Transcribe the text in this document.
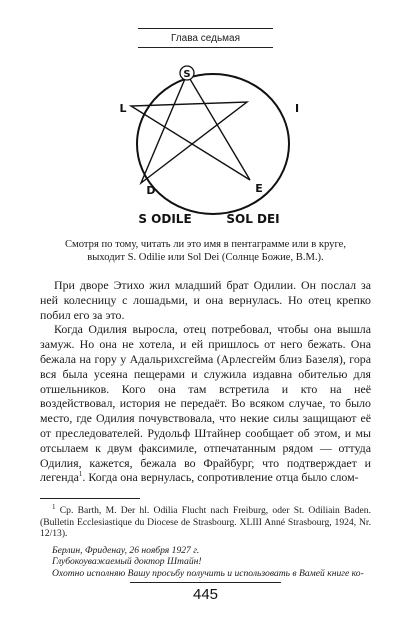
Глава седьмая
S
L	I
D	E
S ODILE	SOL DEI
Смотря по тому, читать ли это имя в пентаграмме или в круге,
выходит S. Odilie или Sol Dei (Солнце Божие, В.М.).

При дворе Этихо жил младший брат Одилии. Он послал за ней колесницу с лошадьми, и она вернулась. Но отец крепко побил его за это.

Когда Одилия выросла, отец потребовал, чтобы она вышла замуж. Но она не хотела, и ей пришлось от него бежать. Она бежала на гору у Адальрихсгейма (Арлесгейм близ Базеля), гора вся была усеяна пещерами и служила издавна обителью для отшельников. Кого она там встретила и кто на неё воздействовал, история не передаёт. Во всяком случае, то было место, где Одилия почувствовала, что некие силы защищают её от преследователей. Рудольф Штайнер сообщает об этом, и мы отсылаем к двум факсимиле, отпечатанным рядом — оттуда Одилия, кажется, бежала во Фрайбург, что подтверждает и легенда$^1$. Когда она вернулась, сопротивление отца было слом-

$^1$ Cp. Barth, M. Der hl. Odilia Flucht nach Freiburg, oder St. Odiliain Baden. (Bulletin Ecclesiastique du Diocese de Strasbourg. XLIII Anné Strasbourg, 1924, Nr. 12/13).

Берлин, Фриденау, 26 ноября 1927 г.

Глубокоуважаемый доктор Штайн!

Охотно исполняю Вашу просьбу получить и использовать в Вамей книге ко-

445
